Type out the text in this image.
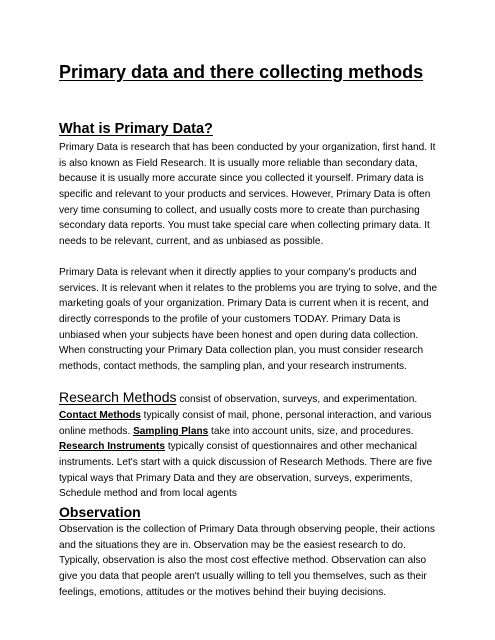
Primary data and there collecting methods
What is Primary Data?

Primary Data is research that has been conducted by your organization, first hand. It is also known as Field Research. It is usually more reliable than secondary data, because it is usually more accurate since you collected it yourself. Primary data is specific and relevant to your products and services. However, Primary Data is often very time consuming to collect, and usually costs more to create than purchasing secondary data reports. You must take special care when collecting primary data. It needs to be relevant, current, and as unbiased as possible.

Primary Data is relevant when it directly applies to your company's products and services. It is relevant when it relates to the problems you are trying to solve, and the marketing goals of your organization. Primary Data is current when it is recent, and directly corresponds to the profile of your customers TODAY. Primary Data is unbiased when your subjects have been honest and open during data collection. When constructing your Primary Data collection plan, you must consider research methods, contact methods, the sampling plan, and your research instruments.

Research Methods consist of observation, surveys, and experimentation. Contact Methods typically consist of mail, phone, personal interaction, and various online methods. Sampling Plans take into account units, size, and procedures. Research Instruments typically consist of questionnaires and other mechanical instruments. Let's start with a quick discussion of Research Methods. There are five typical ways that Primary Data and they are observation, surveys, experiments, Schedule method and from local agents

Observation

Observation is the collection of Primary Data through observing people, their actions and the situations they are in. Observation may be the easiest research to do. Typically, observation is also the most cost effective method. Observation can also give you data that people aren't usually willing to tell you themselves, such as their feelings, emotions, attitudes or the motives behind their buying decisions.
